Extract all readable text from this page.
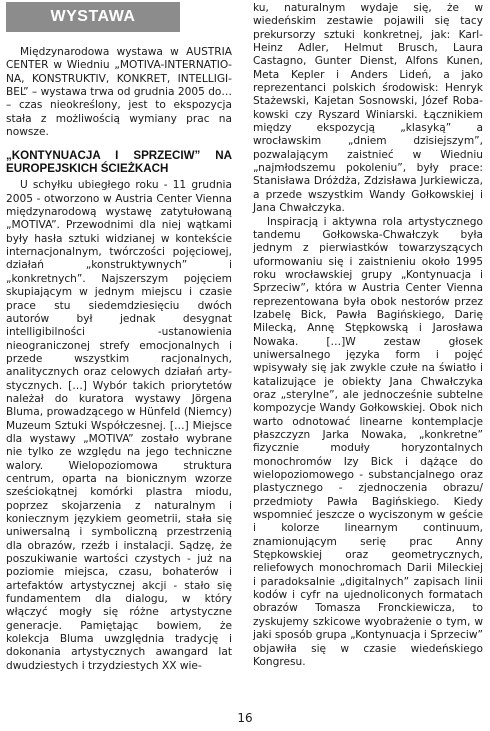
WYSTAWA

Międzynarodowa wystawa w AUSTRIA CENTER w Wiedniu „MOTIVA-INTERNATIONA, KONSTRUKTIV, KONKRET, INTELLIGIBEL” – wystawa trwa od grudnia 2005 do… – czas nieokreślony, jest to ekspozycja stała z możliwością wymiany prac na nowsze.

„KONTYNUACJA I SPRZECIW” NA EUROPEJSKICH ŚCIEŻKACH

U schyłku ubiegłego roku - 11 grudnia 2005 - otworzono w Austria Center Vienna międzynarodową wystawę zatytułowaną „MOTIVA”. Przewodnimi dla niej wątkami były hasła sztuki widzianej w kontekście internacjonalnym, twórczości pojęciowej, działań „konstruktywnych” i „konkretnych”. Najszerszym pojęciem skupiającym w jednym miejscu i czasie prace stu siedemdziesięciu dwóch autorów był jednak desygnat intelligibilności -ustanowienia nieograniczonej strefy emocjonalnych i przede wszystkim racjonalnych, analitycznych oraz celowych działań artystycznych. […] Wybór takich priorytetów należał do kuratora wystawy Jörgena Bluma, prowadzącego w Hünfeld (Niemcy) Muzeum Sztuki Współczesnej. […] Miejsce dla wystawy „MOTIVA” zostało wybrane nie tylko ze względu na jego techniczne walory. Wielopoziomowa struktura centrum, oparta na bionicznym wzorze sześciokątnej komórki plastra miodu, poprzez skojarzenia z naturalnym i koniecznym językiem geometrii, stała się uniwersalną i symboliczną przestrzenią dla obrazów, rzeźb i instalacji. Sądzę, że poszukiwanie wartości czystych - już na poziomie miejsca, czasu, bohaterów i artefaktów artystycznej akcji - stało się fundamentem dla dialogu, w który włączyć mogły się różne artystyczne generacje. Pamiętając bowiem, że kolekcja Bluma uwzględnia tradycję i dokonania artystycznych awangard lat dwudziestych i trzydziestych XX wie-

ku, naturalnym wydaje się, że w wiedeńskim zestawie pojawili się tacy prekursorzy sztuki konkretnej, jak: Karl-Heinz Adler, Helmut Brusch, Laura Castagno, Gunter Dienst, Alfons Kunen, Meta Kepler i Anders Lideń, a jako reprezentanci polskich środowisk: Henryk Stażewski, Kajetan Sosnowski, Józef Robakowski czy Ryszard Winiarski. Łącznikiem między ekspozycją „klasyką” a wrocławskim „dniem dzisiejszym”, pozwalającym zaistnieć w Wiedniu „najmłodszemu pokoleniu”, były prace: Stanisława Dróżdża, Zdzisława Jurkiewicza, a przede wszystkim Wandy Gołkowskiej i Jana Chwałczyka.

Inspiracją i aktywna rola artystycznego tandemu Gołkowska-Chwałczyk była jednym z pierwiastków towarzyszących uformowaniu się i zaistnieniu około 1995 roku wrocławskiej grupy „Kontynuacja i Sprzeciw”, która w Austria Center Vienna reprezentowana była obok nestorów przez Izabelę Bick, Pawła Bagińskiego, Darię Milecką, Annę Stępkowską i Jarosława Nowaka. […]W zestaw głosek uniwersalnego języka form i pojęć wpisywały się jak zwykle czułe na światło i katalizujące je obiekty Jana Chwałczyka oraz „sterylne”, ale jednocześnie subtelne kompozycje Wandy Gołkowskiej. Obok nich warto odnotować linearne kontemplacje płaszczyzn Jarka Nowaka, „konkretne” fizycznie moduły horyzontalnych monochromów Izy Bick i dążące do wielopoziomowego - substancjalnego oraz plastycznego - zjednoczenia obrazu/ przedmioty Pawła Bagińskiego. Kiedy wspomnieć jeszcze o wyciszonym w geście i kolorze linearnym continuum, znamionującym serię prac Anny Stępkowskiej oraz geometrycznych, reliefowych monochromach Darii Mileckiej i paradoksalnie „digitalnych” zapisach linii kodów i cyfr na ujednoliconych formatach obrazów Tomasza Fronckiewicza, to zyskujemy szkicowe wyobrażenie o tym, w jaki sposób grupa „Kontynuacja i Sprzeciw” objawiła się w czasie wiedeńskiego Kongresu.

16
